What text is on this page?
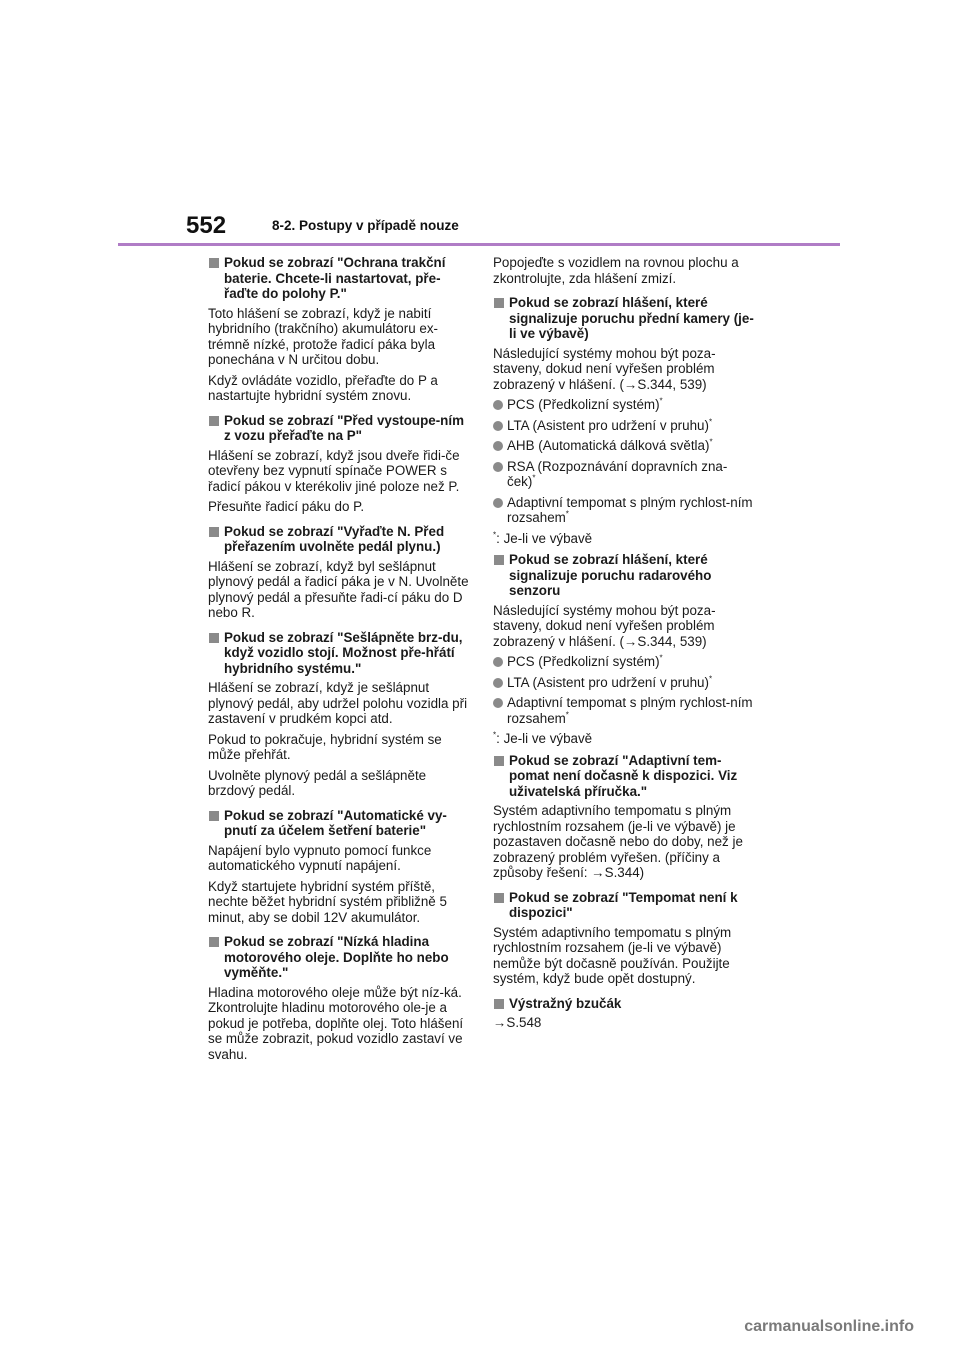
552	8-2. Postupy v případě nouze
Pokud se zobrazí "Ochrana trakční baterie. Chcete-li nastartovat, pře-řaďte do polohy P."

Toto hlášení se zobrazí, když je nabití hybridního (trakčního) akumulátoru ex-trémně nízké, protože řadicí páka byla ponechána v N určitou dobu.

Když ovládáte vozidlo, přeřaďte do P a nastartujte hybridní systém znovu.

Pokud se zobrazí "Před vystoupe-ním z vozu přeřaďte na P"

Hlášení se zobrazí, když jsou dveře řidi-če otevřeny bez vypnutí spínače POWER s řadicí pákou v kterékoliv jiné poloze než P.

Přesuňte řadicí páku do P.

Pokud se zobrazí "Vyřaďte N. Před přeřazením uvolněte pedál plynu.)

Hlášení se zobrazí, když byl sešlápnut plynový pedál a řadicí páka je v N. Uvolněte plynový pedál a přesuňte řadi-cí páku do D nebo R.

Pokud se zobrazí "Sešlápněte brz-du, když vozidlo stojí. Možnost pře-hřátí hybridního systému."

Hlášení se zobrazí, když je sešlápnut plynový pedál, aby udržel polohu vozidla při zastavení v prudkém kopci atd.

Pokud to pokračuje, hybridní systém se může přehřát.

Uvolněte plynový pedál a sešlápněte brzdový pedál.

Pokud se zobrazí "Automatické vy-pnutí za účelem šetření baterie"

Napájení bylo vypnuto pomocí funkce automatického vypnutí napájení.

Když startujete hybridní systém příště, nechte běžet hybridní systém přibližně 5 minut, aby se dobil 12V akumulátor.

Pokud se zobrazí "Nízká hladina motorového oleje. Doplňte ho nebo vyměňte."

Hladina motorového oleje může být níz-ká. Zkontrolujte hladinu motorového ole-je a pokud je potřeba, doplňte olej. Toto hlášení se může zobrazit, pokud vozidlo zastaví ve svahu.

Popojeďte s vozidlem na rovnou plochu a zkontrolujte, zda hlášení zmizí.

Pokud se zobrazí hlášení, které signalizuje poruchu přední kamery (je-li ve výbavě)

Následující systémy mohou být poza-staveny, dokud není vyřešen problém zobrazený v hlášení. (→S.344, 539)

PCS (Předkolizní systém)*
LTA (Asistent pro udržení v pruhu)*
AHB (Automatická dálková světla)*
RSA (Rozpoznávání dopravních zna-ček)*
Adaptivní tempomat s plným rychlost-ním rozsahem*

*: Je-li ve výbavě

Pokud se zobrazí hlášení, které signalizuje poruchu radarového senzoru

Následující systémy mohou být poza-staveny, dokud není vyřešen problém zobrazený v hlášení. (→S.344, 539)

PCS (Předkolizní systém)*
LTA (Asistent pro udržení v pruhu)*
Adaptivní tempomat s plným rychlost-ním rozsahem*

*: Je-li ve výbavě

Pokud se zobrazí "Adaptivní tem-pomat není dočasně k dispozici. Viz uživatelská příručka."

Systém adaptivního tempomatu s plným rychlostním rozsahem (je-li ve výbavě) je pozastaven dočasně nebo do doby, než je zobrazený problém vyřešen. (příčiny a způsoby řešení: →S.344)

Pokud se zobrazí "Tempomat není k dispozici"

Systém adaptivního tempomatu s plným rychlostním rozsahem (je-li ve výbavě) nemůže být dočasně používán. Použijte systém, když bude opět dostupný.

Výstražný bzučák

→S.548

carmanualsonline.info
